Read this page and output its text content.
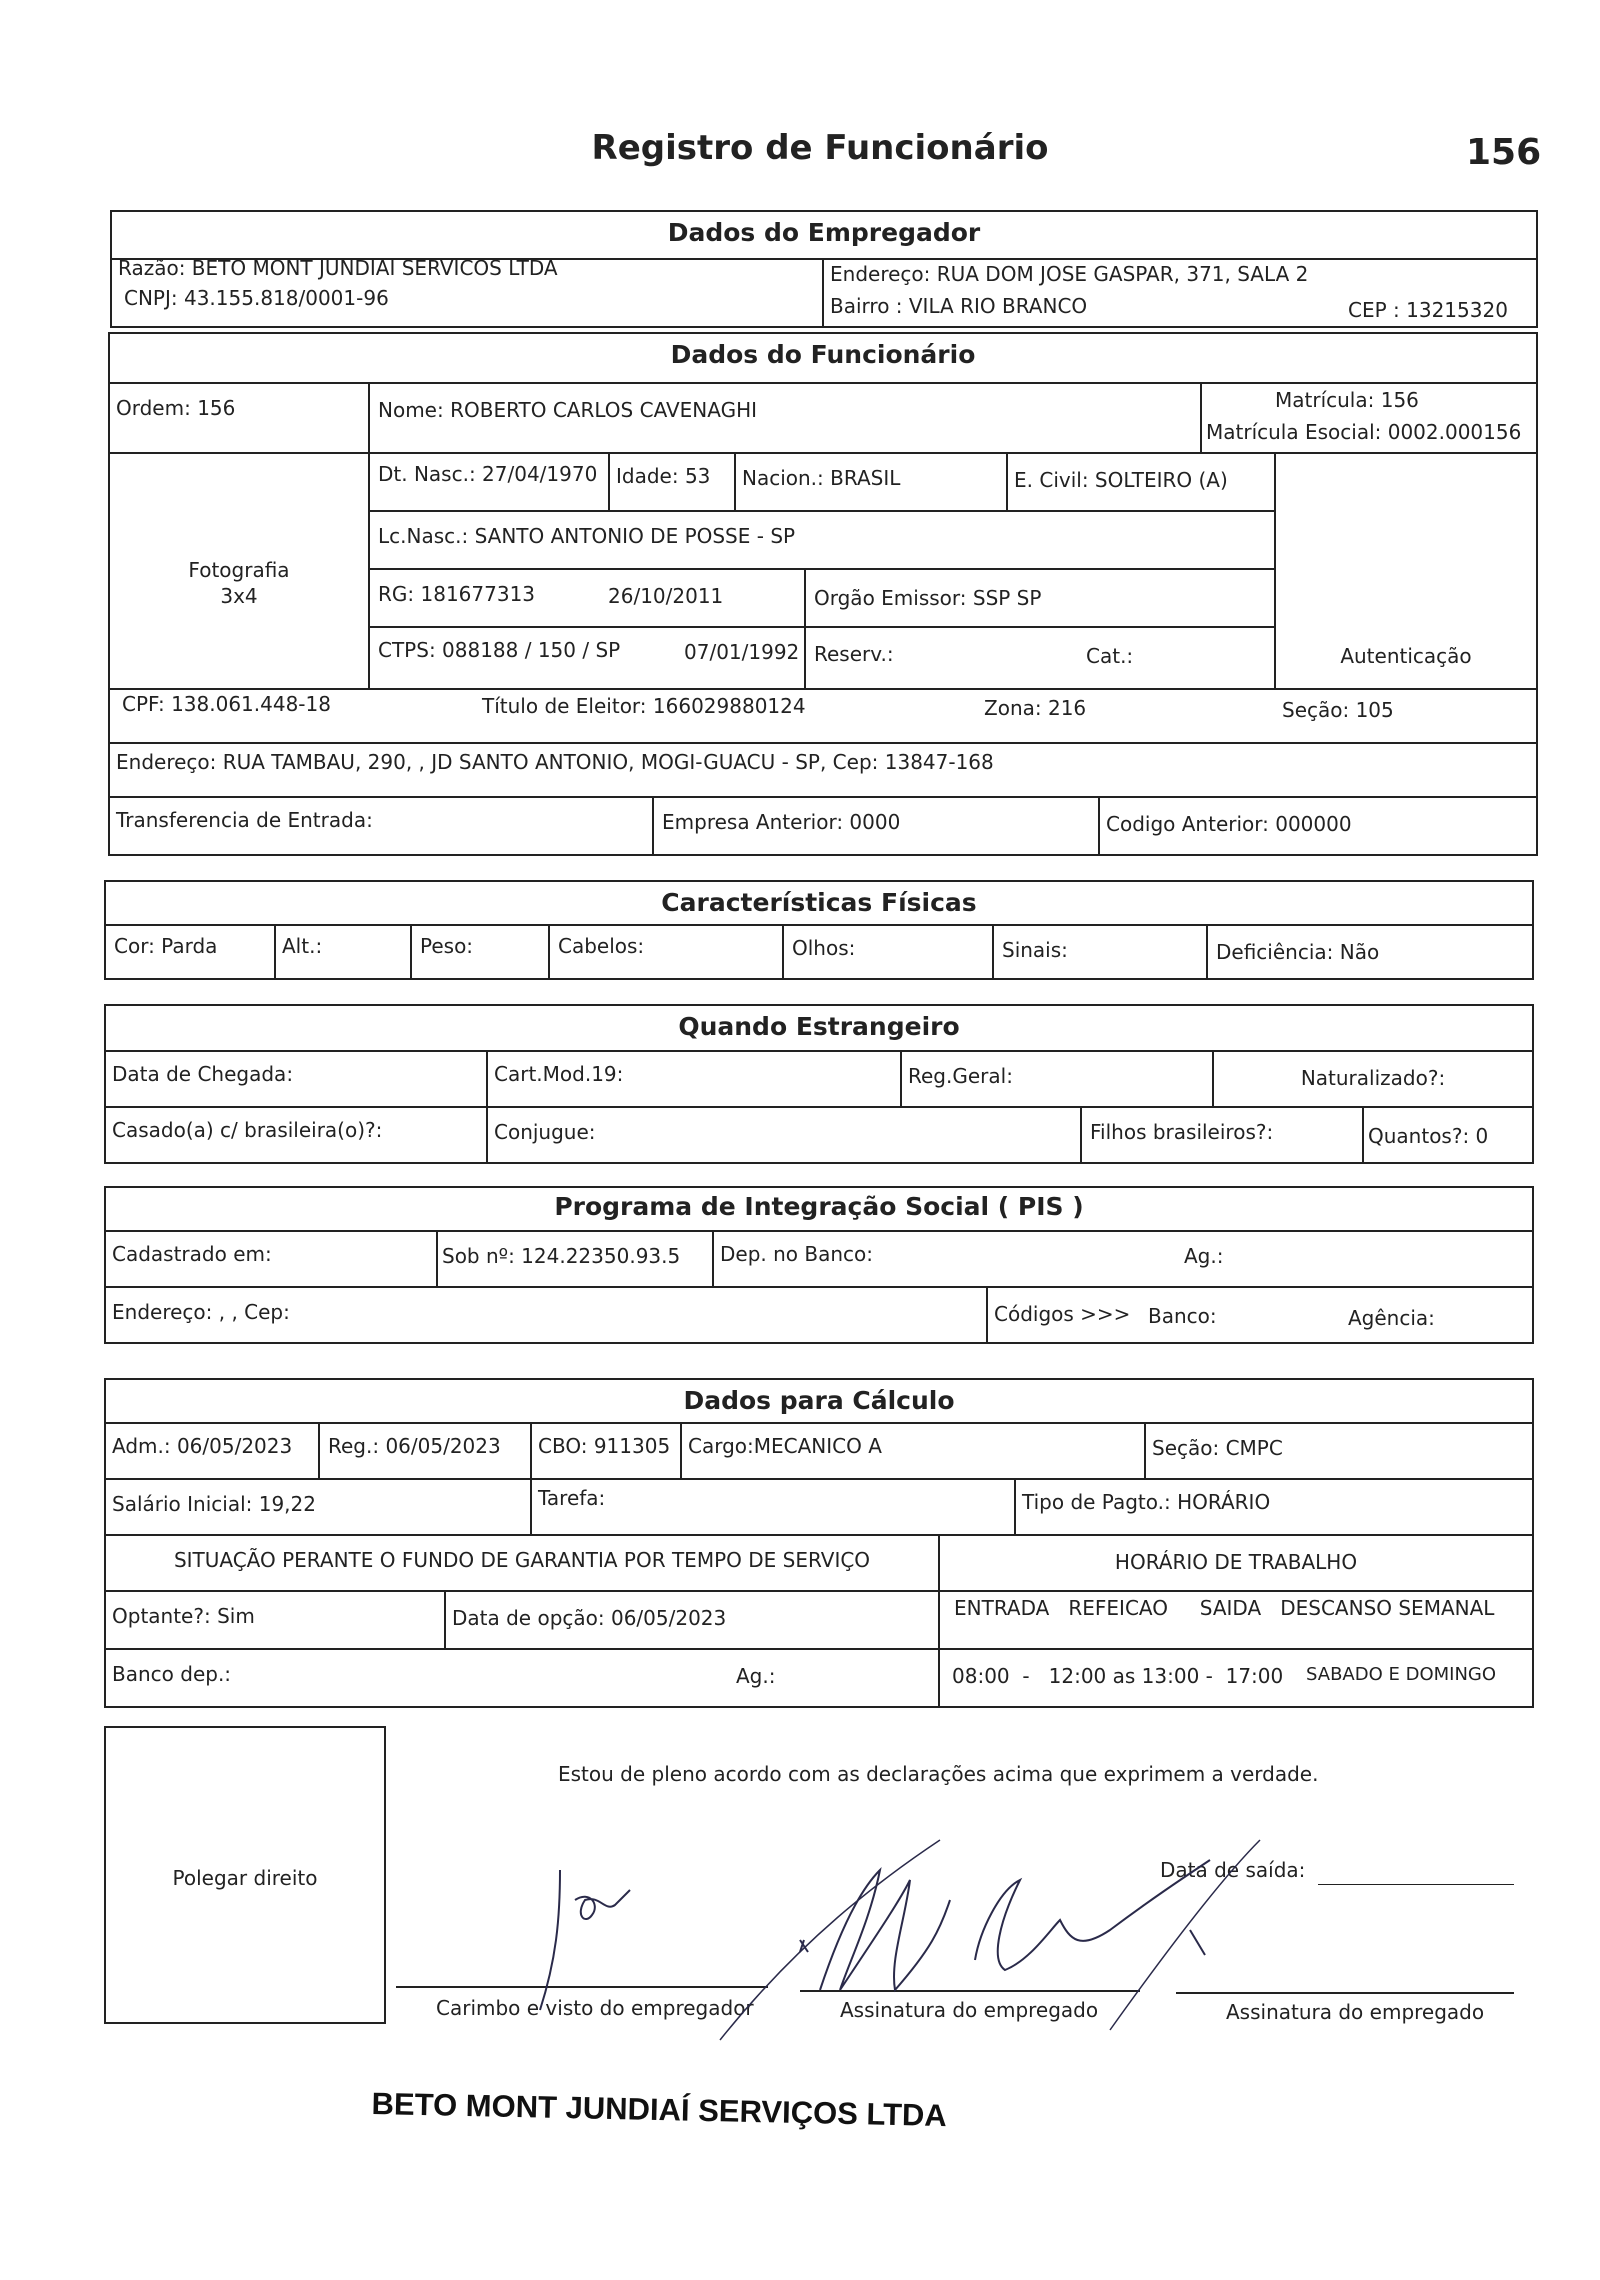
Registro de Funcionário	156
Dados do Empregador
Razão: BETO MONT JUNDIAI SERVICOS LTDA
CNPJ: 43.155.818/0001-96
Endereço: RUA DOM JOSE GASPAR, 371, SALA 2
Bairro : VILA RIO BRANCO	CEP : 13215320
Dados do Funcionário
Ordem: 156	Nome: ROBERTO CARLOS CAVENAGHI	Matrícula: 156
Matrícula Esocial: 0002.000156
Fotografia
3x4
Dt. Nasc.: 27/04/1970 Idade: 53 Nacion.: BRASIL	E. Civil: SOLTEIRO (A)
Lc.Nasc.: SANTO ANTONIO DE POSSE - SP
RG: 181677313	26/10/2011	Orgão Emissor: SSP SP
CTPS: 088188 / 150 / SP	07/01/1992 Reserv.:	Cat.:	Autenticação
CPF: 138.061.448-18	Título de Eleitor: 166029880124	Zona: 216	Seção: 105
Endereço: RUA TAMBAU, 290, , JD SANTO ANTONIO, MOGI-GUACU - SP, Cep: 13847-168
Transferencia de Entrada:	Empresa Anterior: 0000	Codigo Anterior: 000000
Características Físicas
Cor: Parda	Alt.:	Peso:	Cabelos:	Olhos:	Sinais:	Deficiência: Não
Quando Estrangeiro
Data de Chegada:	Cart.Mod.19:	Reg.Geral:	Naturalizado?:
Casado(a) c/ brasileira(o)?:	Conjugue:	Filhos brasileiros?:	Quantos?: 0
Programa de Integração Social ( PIS )
Cadastrado em:	Sob nº: 124.22350.93.5 Dep. no Banco:	Ag.:
Endereço: , , Cep:	Códigos >>> Banco:	Agência:
Dados para Cálculo
Adm.: 06/05/2023 Reg.: 06/05/2023 CBO: 911305 Cargo:MECANICO A	Seção: CMPC
Salário Inicial: 19,22	Tarefa:	Tipo de Pagto.: HORÁRIO
SITUAÇÃO PERANTE O FUNDO DE GARANTIA POR TEMPO DE SERVIÇO	HORÁRIO DE TRABALHO
Optante?: Sim	Data de opção: 06/05/2023	ENTRADA   REFEICAO     SAIDA   DESCANSO SEMANAL
Banco dep.:	Ag.:	08:00  -   12:00 as 13:00 -  17:00 SABADO E DOMINGO
Polegar direito
Estou de pleno acordo com as declarações acima que exprimem a verdade.
Data de saída:
Carimbo e visto do empregador	Assinatura do empregado	Assinatura do empregado
BETO MONT JUNDIAÍ SERVIÇOS LTDA
